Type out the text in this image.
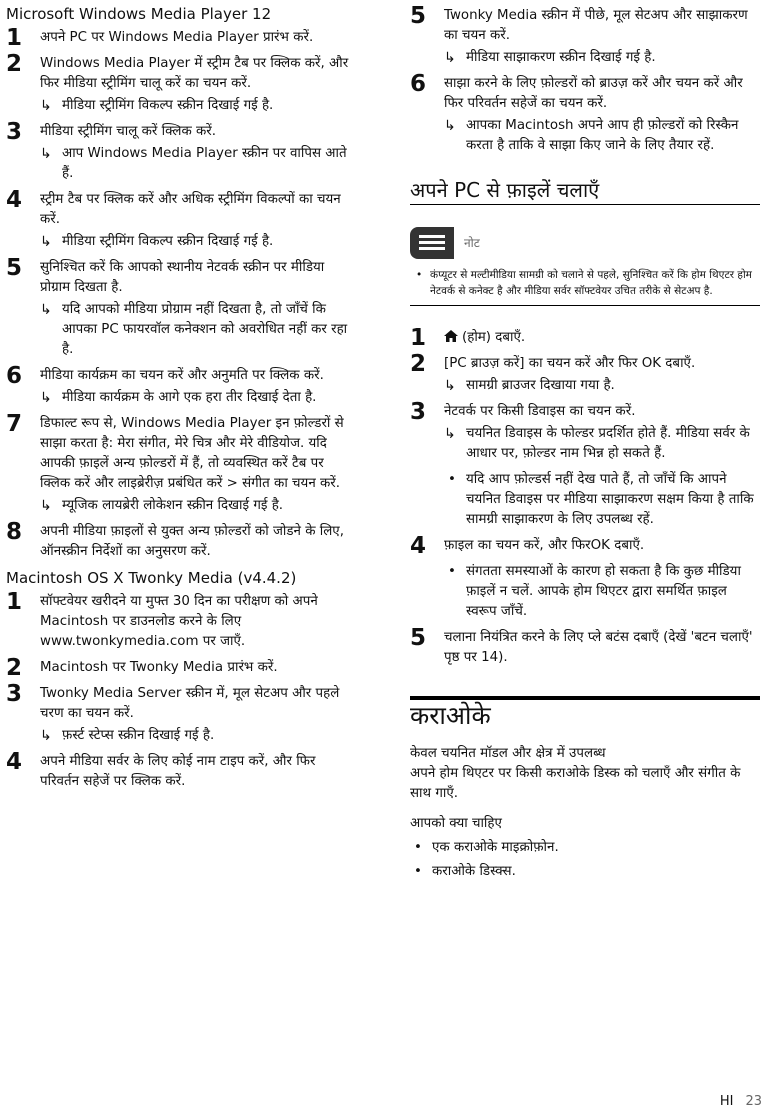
Microsoft Windows Media Player 12
1 अपने PC पर Windows Media Player प्रारंभ करें.
2 Windows Media Player में स्ट्रीम टैब पर क्लिक करें, और फिर मीडिया स्ट्रीमिंग चालू करें का चयन करें.
↳ मीडिया स्ट्रीमिंग विकल्प स्क्रीन दिखाई गई है.
3 मीडिया स्ट्रीमिंग चालू करें क्लिक करें.
↳ आप Windows Media Player स्क्रीन पर वापिस आते हैं.
4 स्ट्रीम टैब पर क्लिक करें और अधिक स्ट्रीमिंग विकल्पों का चयन करें.
↳ मीडिया स्ट्रीमिंग विकल्प स्क्रीन दिखाई गई है.
5 सुनिश्चित करें कि आपको स्थानीय नेटवर्क स्क्रीन पर मीडिया प्रोग्राम दिखता है.
↳ यदि आपको मीडिया प्रोग्राम नहीं दिखता है, तो जाँचें कि आपका PC फायरवॉल कनेक्शन को अवरोधित नहीं कर रहा है.
6 मीडिया कार्यक्रम का चयन करें और अनुमति पर क्लिक करें.
↳ मीडिया कार्यक्रम के आगे एक हरा तीर दिखाई देता है.
7 डिफाल्ट रूप से, Windows Media Player इन फ़ोल्डरों से साझा करता है: मेरा संगीत, मेरे चित्र और मेरे वीडियोज. यदि आपकी फ़ाइलें अन्य फ़ोल्डरों में हैं, तो व्यवस्थित करें टैब पर क्लिक करें और लाइब्रेरीज़ प्रबंधित करें > संगीत का चयन करें.
↳ म्यूजिक लायब्रेरी लोकेशन स्क्रीन दिखाई गई है.
8 अपनी मीडिया फ़ाइलों से युक्त अन्य फ़ोल्डरों को जोडने के लिए, ऑनस्क्रीन निर्देशों का अनुसरण करें.
Macintosh OS X Twonky Media (v4.4.2)
1 सॉफ्टवेयर खरीदने या मुफ्त 30 दिन का परीक्षण को अपने Macintosh पर डाउनलोड करने के लिए www.twonkymedia.com पर जाएँ.
2 Macintosh पर Twonky Media प्रारंभ करें.
3 Twonky Media Server स्क्रीन में, मूल सेटअप और पहले चरण का चयन करें.
↳ फ़र्स्ट स्टेप्स स्क्रीन दिखाई गई है.
4 अपने मीडिया सर्वर के लिए कोई नाम टाइप करें, और फिर परिवर्तन सहेजें पर क्लिक करें.
5 Twonky Media स्क्रीन में पीछे, मूल सेटअप और साझाकरण का चयन करें.
↳ मीडिया साझाकरण स्क्रीन दिखाई गई है.
6 साझा करने के लिए फ़ोल्डरों को ब्राउज़ करें और चयन करें और फिर परिवर्तन सहेजें का चयन करें.
↳ आपका Macintosh अपने आप ही फ़ोल्डरों को रिस्कैन करता है ताकि वे साझा किए जाने के लिए तैयार रहें.
अपने PC से फ़ाइलें चलाएँ
नोट
• कंप्यूटर से मल्टीमीडिया सामग्री को चलाने से पहले, सुनिश्चित करें कि होम थिएटर होम नेटवर्क से कनेक्ट है और मीडिया सर्वर सॉफ्टवेयर उचित तरीके से सेटअप है.
1	(होम) दबाएँ.
2 [PC ब्राउज़ करें] का चयन करें और फिर OK दबाएँ.
↳ सामग्री ब्राउजर दिखाया गया है.
3 नेटवर्क पर किसी डिवाइस का चयन करें.
↳ चयनित डिवाइस के फोल्डर प्रदर्शित होते हैं. मीडिया सर्वर के आधार पर, फ़ोल्डर नाम भिन्न हो सकते हैं.
• यदि आप फ़ोल्डर्स नहीं देख पाते हैं, तो जाँचें कि आपने चयनित डिवाइस पर मीडिया साझाकरण सक्षम किया है ताकि सामग्री साझाकरण के लिए उपलब्ध रहें.
4 फ़ाइल का चयन करें, और फिरOK दबाएँ.
• संगतता समस्याओं के कारण हो सकता है कि कुछ मीडिया फ़ाइलें न चलें. आपके होम थिएटर द्वारा समर्थित फ़ाइल स्वरूप जाँचें.
5 चलाना नियंत्रित करने के लिए प्ले बटंस दबाएँ (देखें 'बटन चलाएँ' पृष्ठ पर 14).
कराओके

केवल चयनित मॉडल और क्षेत्र में उपलब्ध

अपने होम थिएटर पर किसी कराओके डिस्क को चलाएँ और संगीत के साथ गाएँ.

आपको क्या चाहिए

• एक कराओके माइक्रोफ़ोन.
• कराओके डिस्क्स.
HI 23
